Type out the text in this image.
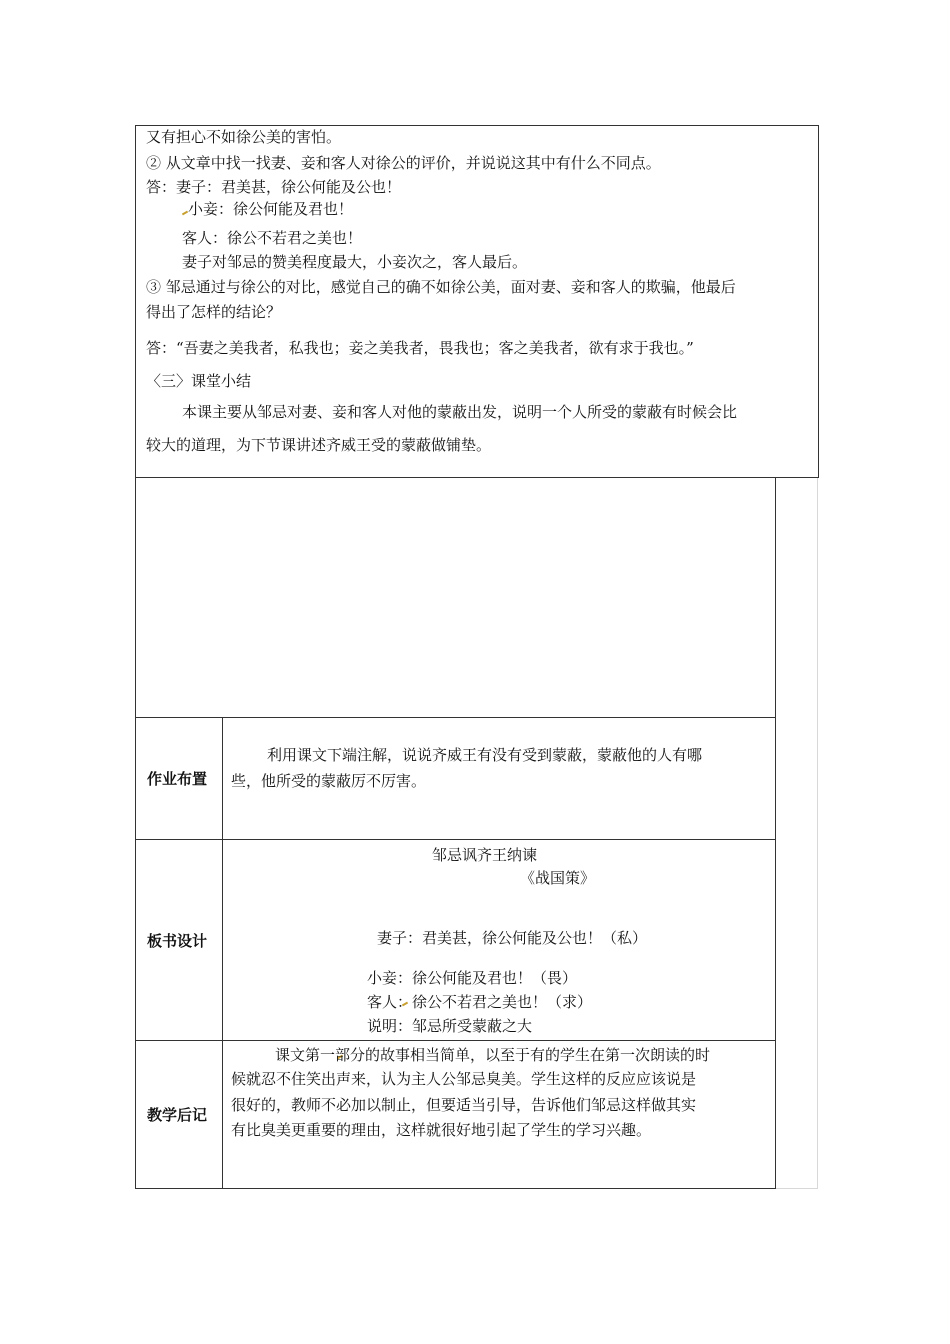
又有担心不如徐公美的害怕。
② 从文章中找一找妻、妾和客人对徐公的评价，并说说这其中有什么不同点。
答：妻子：君美甚，徐公何能及公也！
小妾：徐公何能及君也！
客人：徐公不若君之美也！
妻子对邹忌的赞美程度最大，小妾次之，客人最后。
③ 邹忌通过与徐公的对比，感觉自己的确不如徐公美，面对妻、妾和客人的欺骗，他最后
得出了怎样的结论？
答：“吾妻之美我者，私我也；妾之美我者，畏我也；客之美我者，欲有求于我也。”
〈三〉课堂小结
本课主要从邹忌对妻、妾和客人对他的蒙蔽出发，说明一个人所受的蒙蔽有时候会比
较大的道理，为下节课讲述齐威王受的蒙蔽做铺垫。
作业布置
利用课文下端注解，说说齐威王有没有受到蒙蔽，蒙蔽他的人有哪
些，他所受的蒙蔽厉不厉害。
板书设计
邹忌讽齐王纳谏
《战国策》
妻子：君美甚，徐公何能及公也！（私）
小妾：徐公何能及君也！（畏）
客人：徐公不若君之美也！（求）
说明：邹忌所受蒙蔽之大
教学后记
课文第一部分的故事相当简单，以至于有的学生在第一次朗读的时
候就忍不住笑出声来，认为主人公邹忌臭美。学生这样的反应应该说是
很好的，教师不必加以制止，但要适当引导，告诉他们邹忌这样做其实
有比臭美更重要的理由，这样就很好地引起了学生的学习兴趣。
